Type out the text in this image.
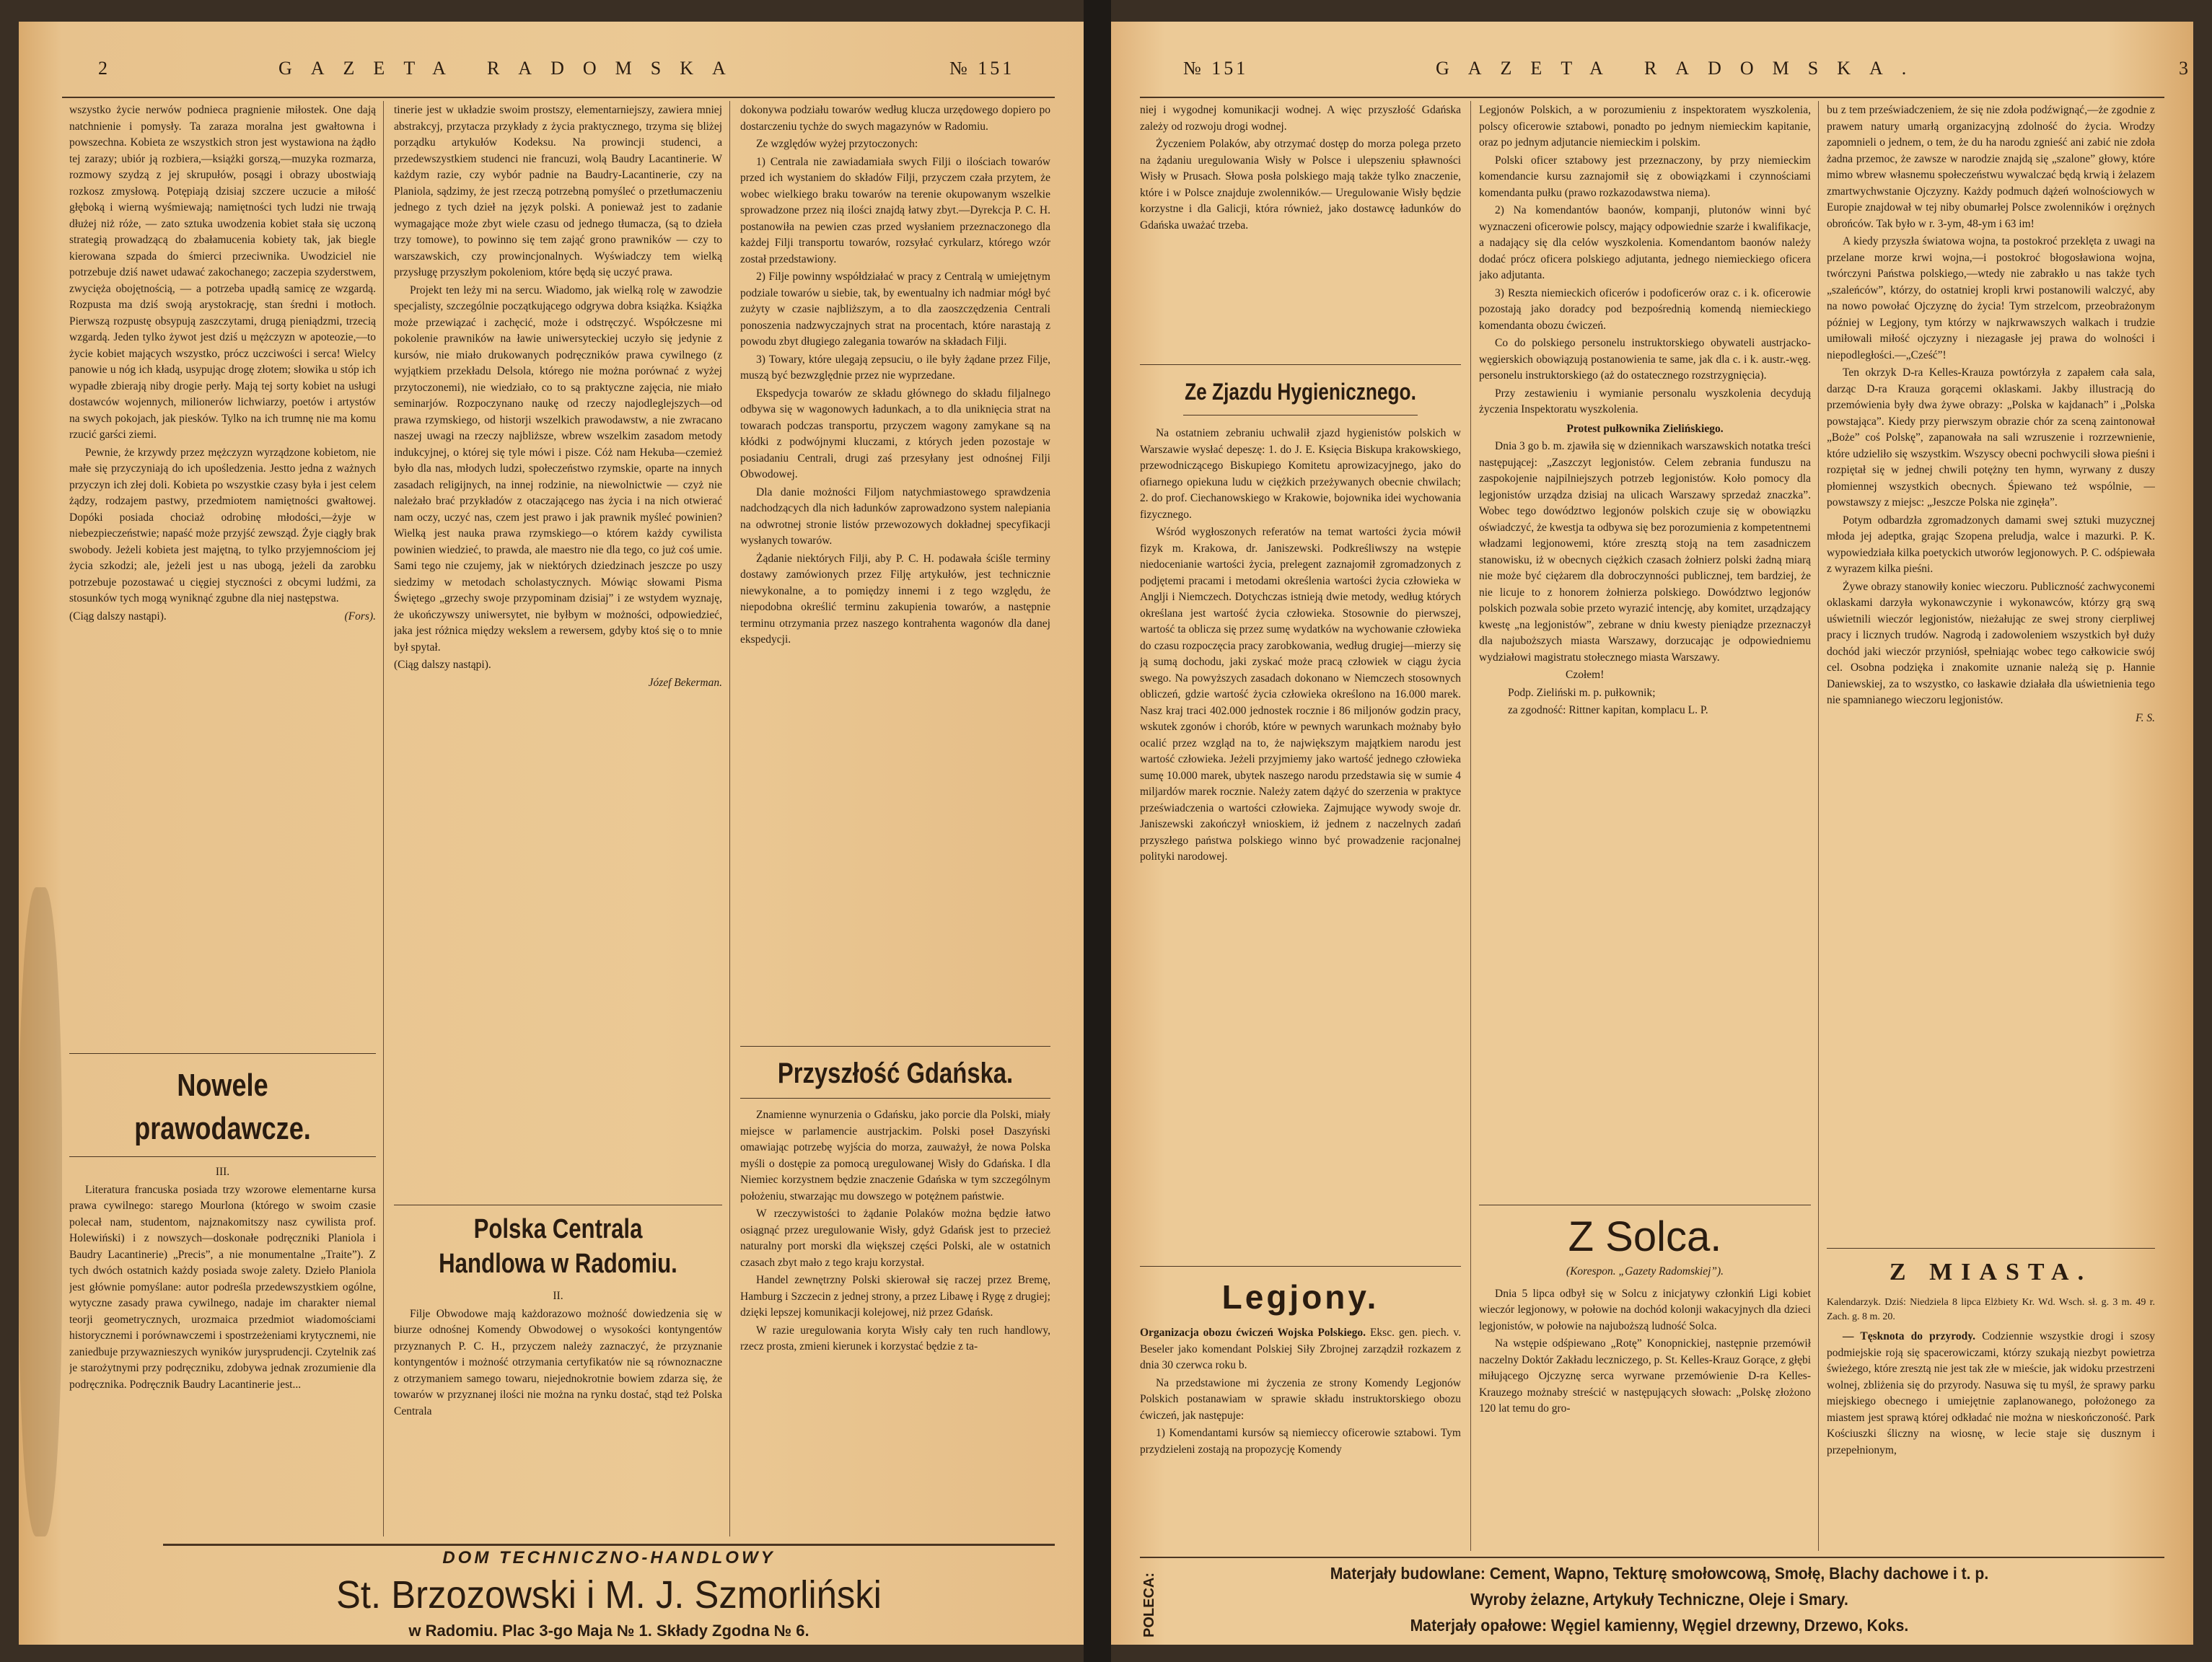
2	GAZETA RADOMSKA	№ 151

wszystko życie nerwów podnieca pragnienie miłostek. One dają natchnienie i pomysły. Ta zaraza moralna jest gwałtowna i powszechna. Kobieta ze wszystkich stron jest wystawiona na żądło tej zarazy; ubiór ją rozbiera,—książki gorszą,—muzyka rozmarza, rozmowy szydzą z jej skrupułów, posągi i obrazy ubostwiają rozkosz zmysłową. Potępiają dzisiaj szczere uczucie a miłość głęboką i wierną wyśmiewają; namiętności tych ludzi nie trwają dłużej niż róże, — zato sztuka uwodzenia kobiet stała się uczoną strategią prowadzącą do zbałamucenia kobiety tak, jak biegle kierowana szpada do śmierci przeciwnika. Uwodziciel nie potrzebuje dziś nawet udawać zakochanego; zaczepia szyderstwem, zwycięża obojętnością, — a potrzeba upadłą samicę ze wzgardą. Rozpusta ma dziś swoją arystokrację, stan średni i motłoch. Pierwszą rozpustę obsypują zaszczytami, drugą pieniądzmi, trzecią wzgardą. Jeden tylko żywot jest dziś u mężczyzn w apoteozie,—to życie kobiet mających wszystko, prócz uczciwości i serca! Wielcy panowie u nóg ich kładą, usypując drogę złotem; słowika u stóp ich wypadłe zbierają niby drogie perły. Mają tej sorty kobiet na usługi dostawców wojennych, milionerów lichwiarzy, poetów i artystów na swych pokojach, jak piesków. Tylko na ich trumnę nie ma komu rzucić garści ziemi.

Pewnie, że krzywdy przez mężczyzn wyrządzone kobietom, nie małe się przyczyniają do ich upośledzenia. Jestto jedna z ważnych przyczyn ich złej doli. Kobieta po wszystkie czasy była i jest celem żądzy, rodzajem pastwy, przedmiotem namiętności gwałtowej. Dopóki posiada chociaż odrobinę młodości,—żyje w niebezpieczeństwie; napaść może przyjść zewsząd. Żyje ciągły brak swobody. Jeżeli kobieta jest majętną, to tylko przyjemnościom jej życia szkodzi; ale, jeżeli jest u nas ubogą, jeżeli da zarobku potrzebuje pozostawać u cięgiej styczności z obcymi ludźmi, za stosunków tych mogą wyniknąć zgubne dla niej następstwa.

(Ciąg dalszy nastąpi).	(Fors).

Nowele prawodawcze.

III.

Literatura francuska posiada trzy wzorowe elementarne kursa prawa cywilnego: starego Mourlona (którego w swoim czasie polecał nam, studentom, najznakomitszy nasz cywilista prof. Holewiński) i z nowszych—doskonałe podręczniki Planiola i Baudry Lacantinerie) „Precis”, a nie monumentalne „Traite”). Z tych dwóch ostatnich każdy posiada swoje zalety. Dzieło Planiola jest głównie pomyślane: autor podreśla przedewszystkiem ogólne, wytyczne zasady prawa cywilnego, nadaje im charakter niemal teorji geometrycznych, urozmaica przedmiot wiadomościami historycznemi i porównawczemi i spostrzeżeniami krytycznemi, nie zaniedbuje przywaznieszych wyników jurysprudencji. Czytelnik zaś je starożytnymi przy podręczniku, zdobywa jednak zrozumienie dla podręcznika. Podręcznik Baudry Lacantinerie jest...

tinerie jest w układzie swoim prostszy, elementarniejszy, zawiera mniej abstrakcyj, przytacza przykłady z życia praktycznego, trzyma się bliżej porządku artykułów Kodeksu. Na prowincji studenci, a przedewszystkiem studenci nie francuzi, wolą Baudry Lacantinerie. W każdym razie, czy wybór padnie na Baudry-Lacantinerie, czy na Planiola, sądzimy, że jest rzeczą potrzebną pomyśleć o przetłumaczeniu jednego z tych dzieł na język polski. A ponieważ jest to zadanie wymagające może zbyt wiele czasu od jednego tłumacza, (są to dzieła trzy tomowe), to powinno się tem zająć grono prawników — czy to warszawskich, czy prowincjonalnych. Wyświadczy tem wielką przysługę przyszłym pokoleniom, które będą się uczyć prawa.

Projekt ten leży mi na sercu. Wiadomo, jak wielką rolę w zawodzie specjalisty, szczególnie początkującego odgrywa dobra książka. Książka może przewiązać i zachęcić, może i odstręczyć. Współczesne mi pokolenie prawników na ławie uniwersyteckiej uczyło się jedynie z kursów, nie miało drukowanych podręczników prawa cywilnego (z wyjątkiem przekładu Delsola, którego nie można porównać z wyżej przytoczonemi), nie wiedziało, co to są praktyczne zajęcia, nie miało seminarjów. Rozpoczynano naukę od rzeczy najodleglejszych—od prawa rzymskiego, od historji wszelkich prawodawstw, a nie zwracano naszej uwagi na rzeczy najbliższe, wbrew wszelkim zasadom metody indukcyjnej, o której się tyle mówi i pisze. Cóż nam Hekuba—czemież było dla nas, młodych ludzi, społeczeństwo rzymskie, oparte na innych zasadach religijnych, na innej rodzinie, na niewolnictwie — czyż nie należało brać przykładów z otaczającego nas życia i na nich otwierać nam oczy, uczyć nas, czem jest prawo i jak prawnik myśleć powinien? Wielką jest nauka prawa rzymskiego—o którem każdy cywilista powinien wiedzieć, to prawda, ale maestro nie dla tego, co już coś umie. Sami tego nie czujemy, jak w niektórych dziedzinach jeszcze po uszy siedzimy w metodach scholastycznych. Mówiąc słowami Pisma Świętego „grzechy swoje przypominam dzisiaj” i ze wstydem wyznaję, że ukończywszy uniwersytet, nie byłbym w możności, odpowiedzieć, jaka jest różnica między wekslem a rewersem, gdyby ktoś się o to mnie był spytał.

(Ciąg dalszy nastąpi).

Józef Bekerman.

Polska Centrala
Handlowa w Radomiu.

II.

Filje Obwodowe mają każdorazowo możność dowiedzenia się w biurze odnośnej Komendy Obwodowej o wysokości kontyngentów przyznanych P. C. H., przyczem należy zaznaczyć, że przyznanie kontyngentów i możność otrzymania certyfikatów nie są równoznaczne z otrzymaniem samego towaru, niejednokrotnie bowiem zdarza się, że towarów w przyznanej ilości nie można na rynku dostać, stąd też Polska Centrala

dokonywa podziału towarów według klucza urzędowego dopiero po dostarczeniu tychże do swych magazynów w Radomiu.

Ze względów wyżej przytoczonych:

1) Centrala nie zawiadamiała swych Filji o ilościach towarów przed ich wystaniem do składów Filji, przyczem czała przytem, że wobec wielkiego braku towarów na terenie okupowanym wszelkie sprowadzone przez nią ilości znajdą łatwy zbyt.—Dyrekcja P. C. H. postanowiła na pewien czas przed wysłaniem przeznaczonego dla każdej Filji transportu towarów, rozsyłać cyrkularz, którego wzór został przedstawiony.

2) Filje powinny współdziałać w pracy z Centralą w umiejętnym podziale towarów u siebie, tak, by ewentualny ich nadmiar mógł być zużyty w czasie najbliższym, a to dla zaoszczędzenia Centrali ponoszenia nadzwyczajnych strat na procentach, które narastają z powodu zbyt długiego zalegania towarów na składach Filji.

3) Towary, które ulegają zepsuciu, o ile były żądane przez Filje, muszą być bezwzględnie przez nie wyprzedane.

Ekspedycja towarów ze składu głównego do składu filjalnego odbywa się w wagonowych ładunkach, a to dla uniknięcia strat na towarach podczas transportu, przyczem wagony zamykane są na kłódki z podwójnymi kluczami, z których jeden pozostaje w posiadaniu Centrali, drugi zaś przesyłany jest odnośnej Filji Obwodowej.

Dla danie możności Filjom natychmiastowego sprawdzenia nadchodzących dla nich ładunków zaprowadzono system nalepiania na odwrotnej stronie listów przewozowych dokładnej specyfikacji wysłanych towarów.

Żądanie niektórych Filji, aby P. C. H. podawała ściśle terminy dostawy zamówionych przez Filję artykułów, jest technicznie niewykonalne, a to pomiędzy innemi i z tego względu, że niepodobna określić terminu zakupienia towarów, a następnie terminu otrzymania przez naszego kontrahenta wagonów dla danej ekspedycji.

Przyszłość Gdańska.

Znamienne wynurzenia o Gdańsku, jako porcie dla Polski, miały miejsce w parlamencie austrjackim. Polski poseł Daszyński omawiając potrzebę wyjścia do morza, zauważył, że nowa Polska myśli o dostępie za pomocą uregulowanej Wisły do Gdańska. I dla Niemiec korzystnem będzie znaczenie Gdańska w tym szczególnym położeniu, stwarzając mu dowszego w potężnem państwie.

W rzeczywistości to żądanie Polaków można będzie łatwo osiągnąć przez uregulowanie Wisły, gdyż Gdańsk jest to przecież naturalny port morski dla większej części Polski, ale w ostatnich czasach zbyt mało z tego kraju korzystał.

Handel zewnętrzny Polski skierował się raczej przez Bremę, Hamburg i Szczecin z jednej strony, a przez Libawę i Rygę z drugiej; dzięki lepszej komunikacji kolejowej, niż przez Gdańsk.

W razie uregulowania koryta Wisły cały ten ruch handlowy, rzecz prosta, zmieni kierunek i korzystać będzie z ta-

DOM TECHNICZNO-HANDLOWY
St. Brzozowski i M. J. Szmorliński
w Radomiu. Plac 3-go Maja № 1. Składy Zgodna № 6.
№ 151	GAZETA RADOMSKA.	3

niej i wygodnej komunikacji wodnej. A więc przyszłość Gdańska zależy od rozwoju drogi wodnej.

Życzeniem Polaków, aby otrzymać dostęp do morza polega przeto na żądaniu uregulowania Wisły w Polsce i ulepszeniu spławności Wisły w Prusach. Słowa posła polskiego mają także tylko znaczenie, które i w Polsce znajduje zwolenników.— Uregulowanie Wisły będzie korzystne i dla Galicji, która również, jako dostawcę ładunków do Gdańska uważać trzeba.

Ze Zjazdu Hygienicznego.

Na ostatniem zebraniu uchwalił zjazd hygienistów polskich w Warszawie wysłać depeszę: 1. do J. E. Księcia Biskupa krakowskiego, przewodniczącego Biskupiego Komitetu aprowizacyjnego, jako do ofiarnego opiekuna ludu w ciężkich przeżywanych obecnie chwilach; 2. do prof. Ciechanowskiego w Krakowie, bojownika idei wychowania fizycznego.

Wśród wygłoszonych referatów na temat wartości życia mówił fizyk m. Krakowa, dr. Janiszewski. Podkreśliwszy na wstępie niedocenianie wartości życia, prelegent zaznajomił zgromadzonych z podjętemi pracami i metodami określenia wartości życia człowieka w Anglji i Niemczech. Dotychczas istnieją dwie metody, według których określana jest wartość życia człowieka. Stosownie do pierwszej, wartość ta oblicza się przez sumę wydatków na wychowanie człowieka do czasu rozpoczęcia pracy zarobkowania, według drugiej—mierzy się ją sumą dochodu, jaki zyskać może pracą człowiek w ciągu życia swego. Na powyższych zasadach dokonano w Niemczech stosownych obliczeń, gdzie wartość życia człowieka określono na 16.000 marek. Nasz kraj traci 402.000 jednostek rocznie i 86 miljonów godzin pracy, wskutek zgonów i chorób, które w pewnych warunkach możnaby było ocalić przez wzgląd na to, że największym majątkiem narodu jest wartość człowieka. Jeżeli przyjmiemy jako wartość jednego człowieka sumę 10.000 marek, ubytek naszego narodu przedstawia się w sumie 4 miljardów marek rocznie. Należy zatem dążyć do szerzenia w praktyce przeświadczenia o wartości człowieka. Zajmujące wywody swoje dr. Janiszewski zakończył wnioskiem, iż jednem z naczelnych zadań przyszłego państwa polskiego winno być prowadzenie racjonalnej polityki narodowej.

Legjony.

Organizacja obozu ćwiczeń Wojska Polskiego. Eksc. gen. piech. v. Beseler jako komendant Polskiej Siły Zbrojnej zarządził rozkazem z dnia 30 czerwca roku b.

Na przedstawione mi życzenia ze strony Komendy Legjonów Polskich postanawiam w sprawie składu instruktorskiego obozu ćwiczeń, jak następuje:

1) Komendantami kursów są niemieccy oficerowie sztabowi. Tym przydzieleni zostają na propozycję Komendy

Legjonów Polskich, a w porozumieniu z inspektoratem wyszkolenia, polscy oficerowie sztabowi, ponadto po jednym niemieckim kapitanie, oraz po jednym adjutancie niemieckim i polskim.

Polski oficer sztabowy jest przeznaczony, by przy niemieckim komendancie kursu zaznajomił się z obowiązkami i czynnościami komendanta pułku (prawo rozkazodawstwa niema).

2) Na komendantów baonów, kompanji, plutonów winni być wyznaczeni oficerowie polscy, mający odpowiednie szarże i kwalifikacje, a nadający się dla celów wyszkolenia. Komendantom baonów należy dodać prócz oficera polskiego adjutanta, jednego niemieckiego oficera jako adjutanta.

3) Reszta niemieckich oficerów i podoficerów oraz c. i k. oficerowie pozostają jako doradcy pod bezpośrednią komendą niemieckiego komendanta obozu ćwiczeń.

Co do polskiego personelu instruktorskiego obywateli austrjacko-węgierskich obowiązują postanowienia te same, jak dla c. i k. austr.-węg. personelu instruktorskiego (aż do ostatecznego rozstrzygnięcia).

Przy zestawieniu i wymianie personalu wyszkolenia decydują życzenia Inspektoratu wyszkolenia.

Protest pułkownika Zielińskiego.

Dnia 3 go b. m. zjawiła się w dziennikach warszawskich notatka treści następującej: „Zaszczyt legjonistów. Celem zebrania funduszu na zaspokojenie najpilniejszych potrzeb legjonistów. Koło pomocy dla legjonistów urządza dzisiaj na ulicach Warszawy sprzedaż znaczka”. Wobec tego dowództwo legjonów polskich czuje się w obowiązku oświadczyć, że kwestja ta odbywa się bez porozumienia z kompetentnemi władzami legjonowemi, które zresztą stoją na tem zasadniczem stanowisku, iż w obecnych ciężkich czasach żołnierz polski żadną miarą nie może być ciężarem dla dobroczynności publicznej, tem bardziej, że nie licuje to z honorem żołnierza polskiego. Dowództwo legjonów polskich pozwala sobie przeto wyrazić intencję, aby komitet, urządzający kwestę „na legjonistów”, zebrane w dniu kwesty pieniądze przeznaczył dla najuboższych miasta Warszawy, dorzucając je odpowiedniemu wydziałowi magistratu stołecznego miasta Warszawy.

Czołem!

Podp. Zieliński m. p. pułkownik;

za zgodność: Rittner kapitan, komplacu L. P.

Z Solca.

(Korespon. „Gazety Radomskiej”).

Dnia 5 lipca odbył się w Solcu z inicjatywy członkiń Ligi kobiet wieczór legjonowy, w połowie na dochód kolonji wakacyjnych dla dzieci legjonistów, w połowie na najuboższą ludność Solca.

Na wstępie odśpiewano „Rotę” Konopnickiej, następnie przemówił naczelny Doktór Zakładu leczniczego, p. St. Kelles-Krauz Gorące, z głębi miłującego Ojczyznę serca wyrwane przemówienie D-ra Kelles-Krauzego możnaby streścić w następujących słowach: „Polskę złożono 120 lat temu do gro-

bu z tem przeświadczeniem, że się nie zdoła podźwignąć,—że zgodnie z prawem natury umarłą organizacyjną zdolność do życia. Wrodzy zapomnieli o jednem, o tem, że du ha narodu zgnieść ani zabić nie zdoła żadna przemoc, że zawsze w narodzie znajdą się „szalone” głowy, które mimo wbrew własnemu społeczeństwu wywalczać będą krwią i żelazem zmartwychwstanie Ojczyzny. Każdy podmuch dążeń wolnościowych w Europie znajdował w tej niby obumarłej Polsce zwolenników i orężnych obrońców. Tak było w r. 3-ym, 48-ym i 63 im!

A kiedy przyszła światowa wojna, ta postokroć przeklęta z uwagi na przelane morze krwi wojna,—i postokroć błogosławiona wojna, twórczyni Państwa polskiego,—wtedy nie zabrakło u nas także tych „szaleńców”, którzy, do ostatniej kropli krwi postanowili walczyć, aby na nowo powołać Ojczyznę do życia! Tym strzelcom, przeobrażonym później w Legjony, tym którzy w najkrwawszych walkach i trudzie umiłowali miłość ojczyzny i niezagasłe jej prawa do wolności i niepodległości.—„Cześć”!

Ten okrzyk D-ra Kelles-Krauza powtórzyła z zapałem cała sala, darząc D-ra Krauza gorącemi oklaskami. Jakby illustracją do przemówienia były dwa żywe obrazy: „Polska w kajdanach” i „Polska powstająca”. Kiedy przy pierwszym obrazie chór za sceną zaintonował „Boże” coś Polskę”, zapanowała na sali wzruszenie i rozrzewnienie, które udzieliło się wszystkim. Wszyscy obecni pochwycili słowa pieśni i rozpiętał się w jednej chwili potężny ten hymn, wyrwany z duszy płomiennej wszystkich obecnych. Śpiewano też wspólnie, — powstawszy z miejsc: „Jeszcze Polska nie zginęła”.

Potym odbardzła zgromadzonych damami swej sztuki muzycznej młoda jej adeptka, grając Szopena preludja, walce i mazurki. P. K. wypowiedziała kilka poetyckich utworów legjonowych. P. C. odśpiewała z wyrazem kilka pieśni.

Żywe obrazy stanowiły koniec wieczoru. Publiczność zachwyconemi oklaskami darzyła wykonawczynie i wykonawców, którzy grą swą uświetnili wieczór legjonistów, nieżałując ze swej strony cierpliwej pracy i licznych trudów. Nagrodą i zadowoleniem wszystkich był duży dochód jaki wieczór przyniósł, spełniając wobec tego całkowicie swój cel. Osobna podzięka i znakomite uznanie należą się p. Hannie Daniewskiej, za to wszystko, co łaskawie działała dla uświetnienia tego nie spamnianego wieczoru legjonistów.

F. S.

Z MIASTA.

Kalendarzyk. Dziś: Niedziela 8 lipca Elżbiety Kr. Wd. Wsch. sł. g. 3 m. 49 r. Zach. g. 8 m. 20.

— Tęsknota do przyrody. Codziennie wszystkie drogi i szosy podmiejskie roją się spacerowiczami, którzy szukają niezbyt powietrza świeżego, które zresztą nie jest tak złe w mieście, jak widoku przestrzeni wolnej, zbliżenia się do przyrody. Nasuwa się tu myśl, że sprawy parku miejskiego obecnego i umiejętnie zaplanowanego, położonego za miastem jest sprawą której odkładać nie można w nieskończoność. Park Kościuszki śliczny na wiosnę, w lecie staje się dusznym i przepełnionym,

POLECA:	Materjały budowlane: Cement, Wapno, Tekturę smołowcową, Smołę, Blachy dachowe i t. p.
Wyroby żelazne, Artykuły Techniczne, Oleje i Smary.
Materjały opałowe: Węgiel kamienny, Węgiel drzewny, Drzewo, Koks.
